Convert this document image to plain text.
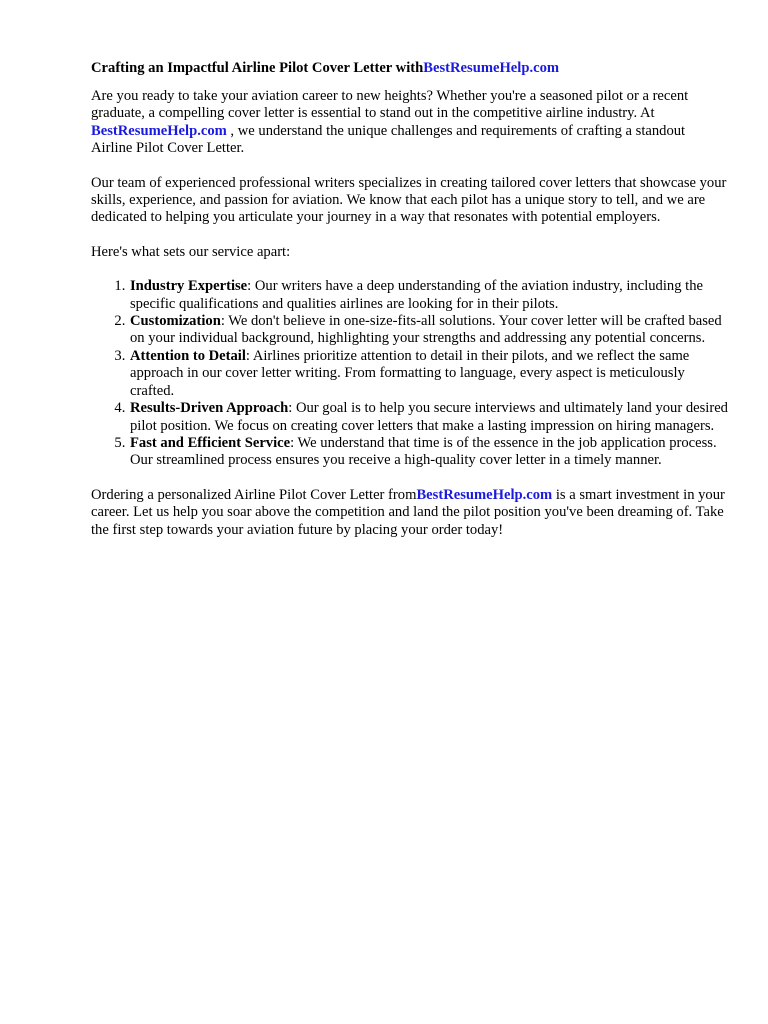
Crafting an Impactful Airline Pilot Cover Letter withBestResumeHelp.com

Are you ready to take your aviation career to new heights? Whether you're a seasoned pilot or a recent graduate, a compelling cover letter is essential to stand out in the competitive airline industry. At BestResumeHelp.com , we understand the unique challenges and requirements of crafting a standout Airline Pilot Cover Letter.

Our team of experienced professional writers specializes in creating tailored cover letters that showcase your skills, experience, and passion for aviation. We know that each pilot has a unique story to tell, and we are dedicated to helping you articulate your journey in a way that resonates with potential employers.

Here's what sets our service apart:

1. Industry Expertise: Our writers have a deep understanding of the aviation industry, including the specific qualifications and qualities airlines are looking for in their pilots.
2. Customization: We don't believe in one-size-fits-all solutions. Your cover letter will be crafted based on your individual background, highlighting your strengths and addressing any potential concerns.
3. Attention to Detail: Airlines prioritize attention to detail in their pilots, and we reflect the same approach in our cover letter writing. From formatting to language, every aspect is meticulously crafted.
4. Results-Driven Approach: Our goal is to help you secure interviews and ultimately land your desired pilot position. We focus on creating cover letters that make a lasting impression on hiring managers.
5. Fast and Efficient Service: We understand that time is of the essence in the job application process. Our streamlined process ensures you receive a high-quality cover letter in a timely manner.

Ordering a personalized Airline Pilot Cover Letter fromBestResumeHelp.com is a smart investment in your career. Let us help you soar above the competition and land the pilot position you've been dreaming of. Take the first step towards your aviation future by placing your order today!
